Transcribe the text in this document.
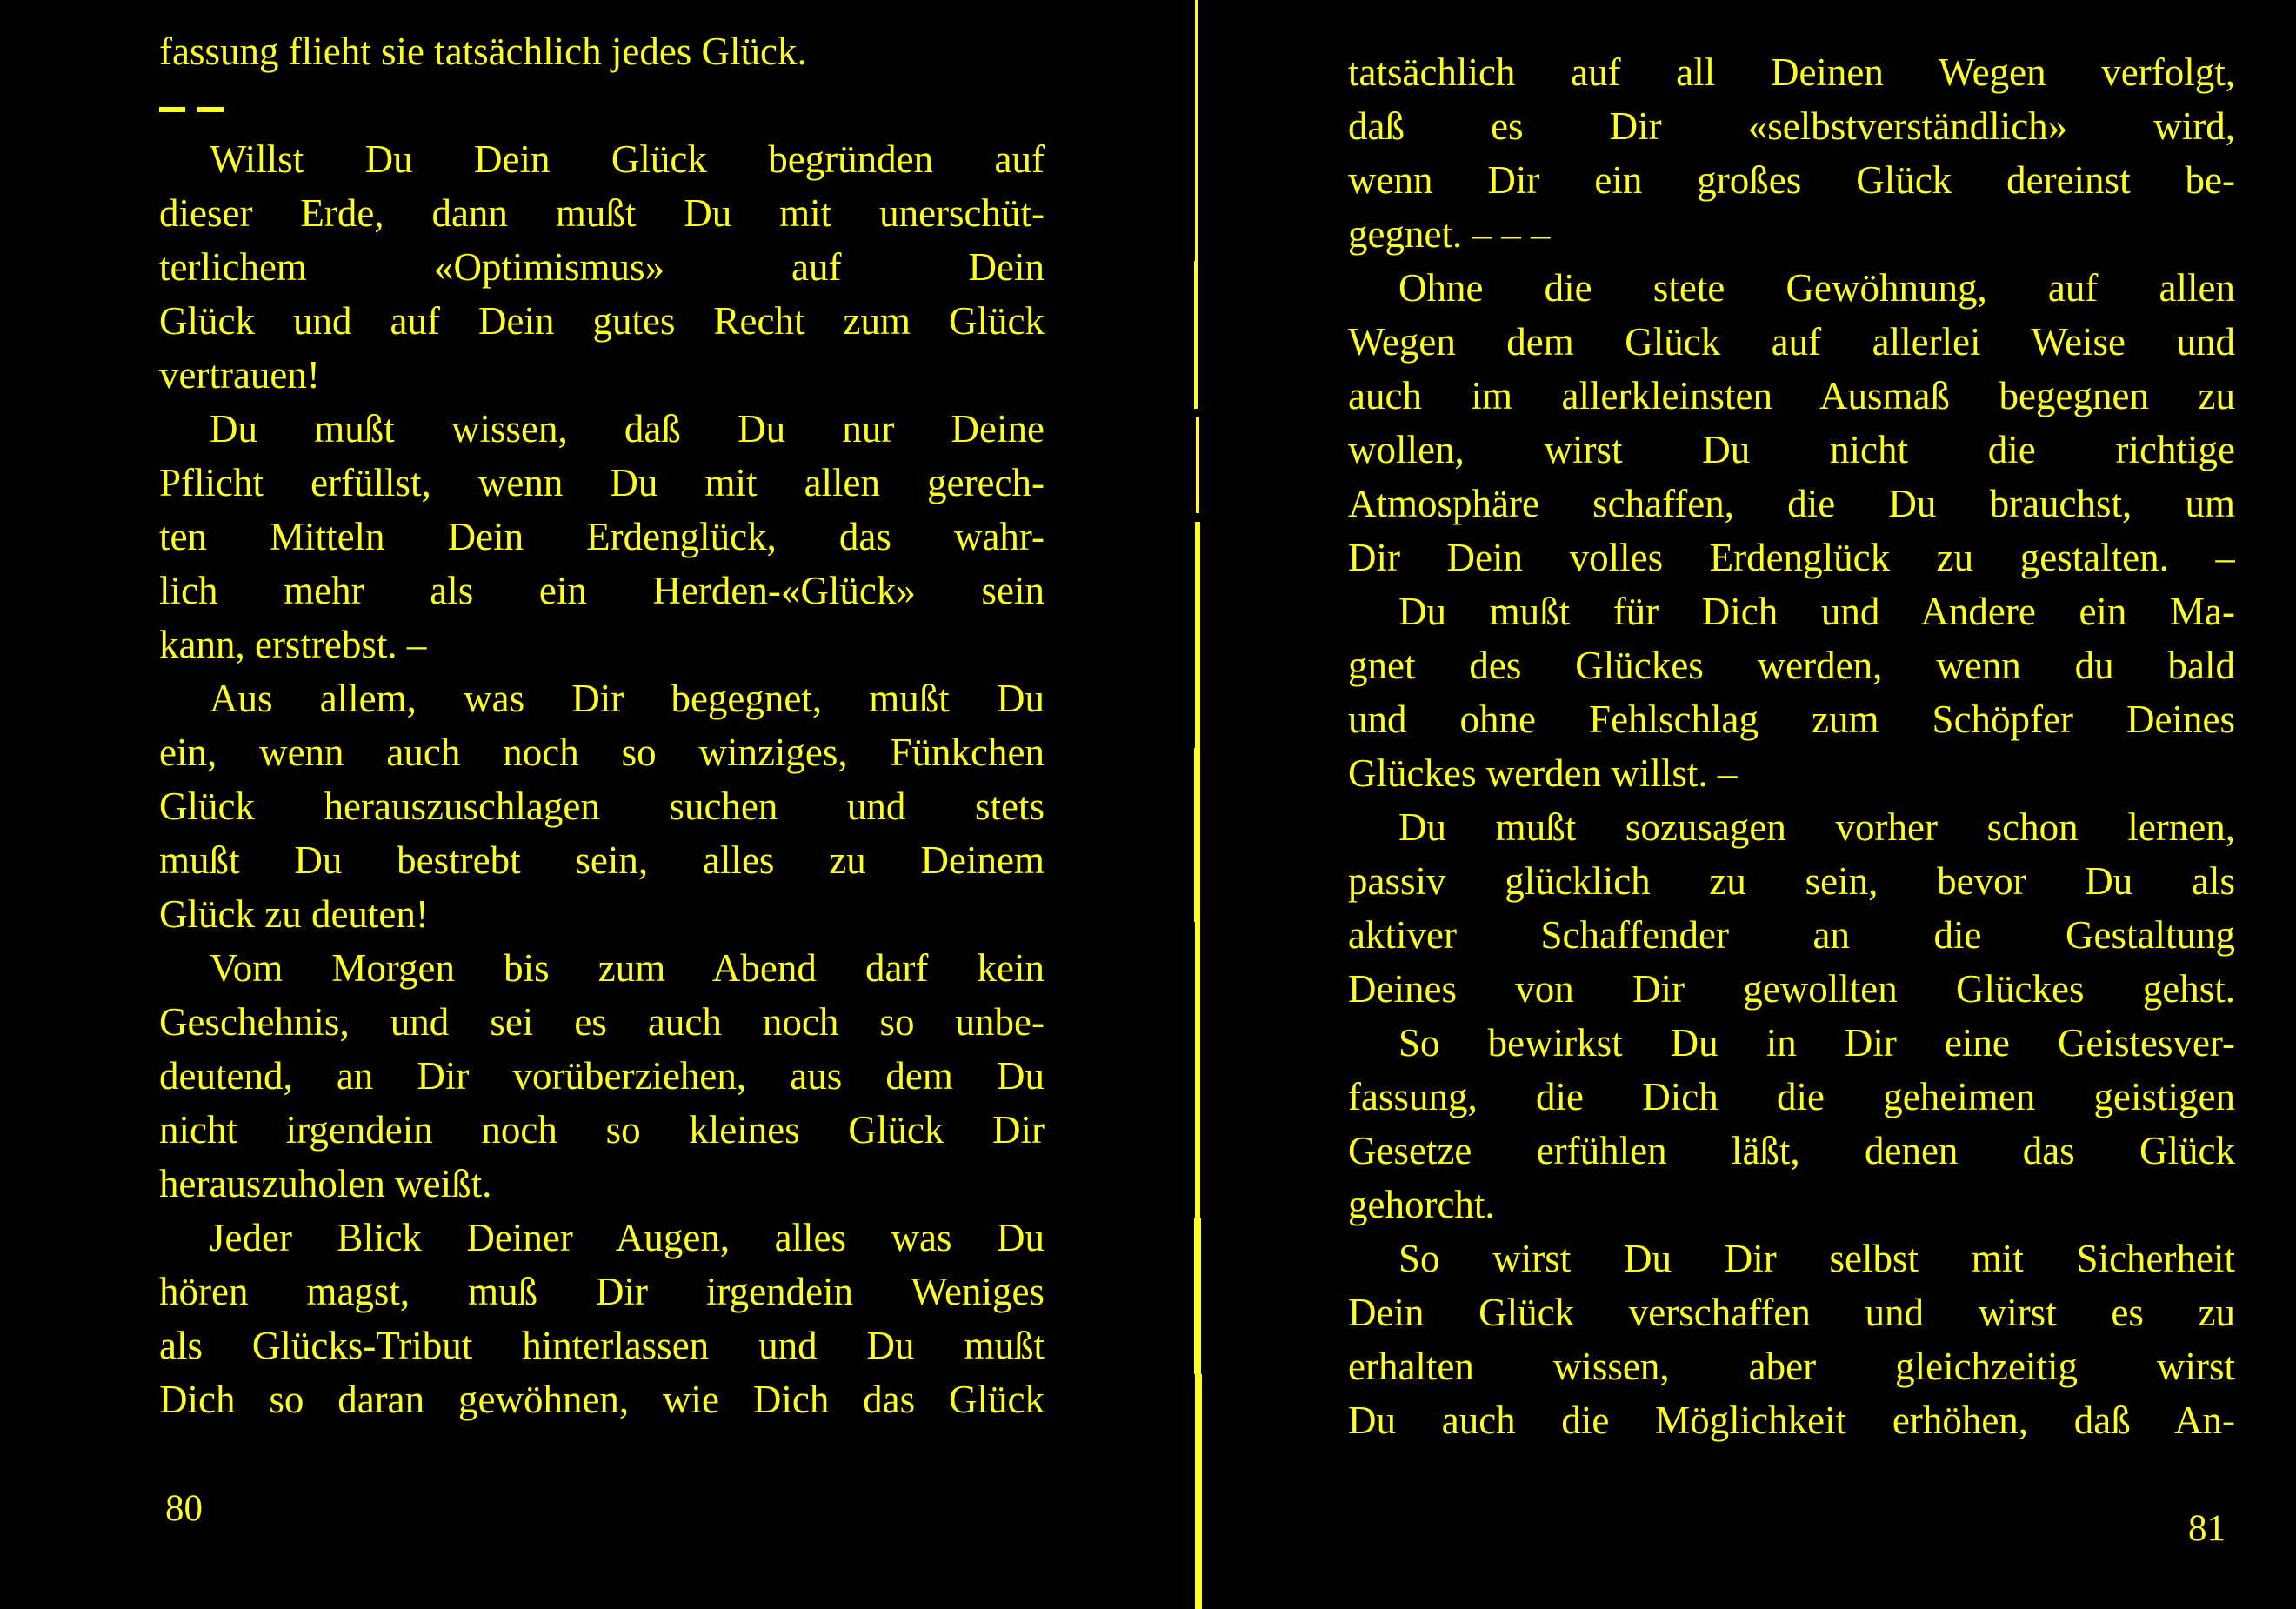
fassung flieht sie tatsächlich jedes Glück.
Willst Du Dein Glück begründen auf
dieser Erde, dann mußt Du mit unerschüt-
terlichem «Optimismus» auf Dein
Glück und auf Dein gutes Recht zum Glück
vertrauen!
Du mußt wissen, daß Du nur Deine
Pflicht erfüllst, wenn Du mit allen gerech-
ten Mitteln Dein Erdenglück, das wahr-
lich mehr als ein Herden-«Glück» sein
kann, erstrebst. –
Aus allem, was Dir begegnet, mußt Du
ein, wenn auch noch so winziges, Fünkchen
Glück herauszuschlagen suchen und stets
mußt Du bestrebt sein, alles zu Deinem
Glück zu deuten!
Vom Morgen bis zum Abend darf kein
Geschehnis, und sei es auch noch so unbe-
deutend, an Dir vorüberziehen, aus dem Du
nicht irgendein noch so kleines Glück Dir
herauszuholen weißt.
Jeder Blick Deiner Augen, alles was Du
hören magst, muß Dir irgendein Weniges
als Glücks-Tribut hinterlassen und Du mußt
Dich so daran gewöhnen, wie Dich das Glück
80
tatsächlich auf all Deinen Wegen verfolgt,
daß es Dir «selbstverständlich» wird,
wenn Dir ein großes Glück dereinst be-
gegnet. – – –
Ohne die stete Gewöhnung, auf allen
Wegen dem Glück auf allerlei Weise und
auch im allerkleinsten Ausmaß begegnen zu
wollen, wirst Du nicht die richtige
Atmosphäre schaffen, die Du brauchst, um
Dir Dein volles Erdenglück zu gestalten. –
Du mußt für Dich und Andere ein Ma-
gnet des Glückes werden, wenn du bald
und ohne Fehlschlag zum Schöpfer Deines
Glückes werden willst. –
Du mußt sozusagen vorher schon lernen,
passiv glücklich zu sein, bevor Du als
aktiver Schaffender an die Gestaltung
Deines von Dir gewollten Glückes gehst.
So bewirkst Du in Dir eine Geistesver-
fassung, die Dich die geheimen geistigen
Gesetze erfühlen läßt, denen das Glück
gehorcht.
So wirst Du Dir selbst mit Sicherheit
Dein Glück verschaffen und wirst es zu
erhalten wissen, aber gleichzeitig wirst
Du auch die Möglichkeit erhöhen, daß An-
81
